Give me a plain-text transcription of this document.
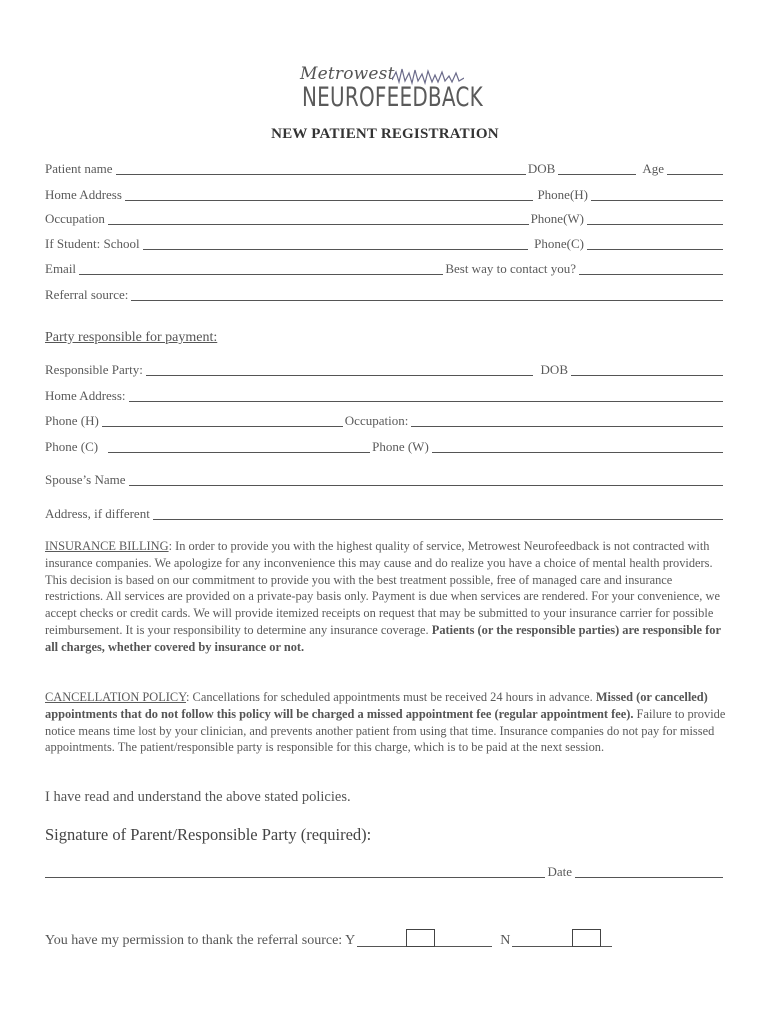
Metrowest
NEUROFEEDBACK
NEW PATIENT REGISTRATION
Patient name	DOB	Age
Home Address	Phone(H)
Occupation	Phone(W)
If Student: School	Phone(C)
Email	Best way to contact you?
Referral source:
Party responsible for payment:
Responsible Party:	DOB
Home Address:
Phone (H)	Occupation:
Phone (C)	Phone (W)
Spouse’s Name
Address, if different
INSURANCE BILLING: In order to provide you with the highest quality of service, Metrowest Neurofeedback is not contracted with insurance companies. We apologize for any inconvenience this may cause and do realize you have a choice of mental health providers. This decision is based on our commitment to provide you with the best treatment possible, free of managed care and insurance restrictions. All services are provided on a private-pay basis only. Payment is due when services are rendered. For your convenience, we accept checks or credit cards. We will provide itemized receipts on request that may be submitted to your insurance carrier for possible reimbursement. It is your responsibility to determine any insurance coverage. Patients (or the responsible parties) are responsible for all charges, whether covered by insurance or not.
CANCELLATION POLICY: Cancellations for scheduled appointments must be received 24 hours in advance. Missed (or cancelled) appointments that do not follow this policy will be charged a missed appointment fee (regular appointment fee). Failure to provide notice means time lost by your clinician, and prevents another patient from using that time. Insurance companies do not pay for missed appointments. The patient/responsible party is responsible for this charge, which is to be paid at the next session.
I have read and understand the above stated policies.
Signature of Parent/Responsible Party (required):
Date
You have my permission to thank the referral source: Y	N
